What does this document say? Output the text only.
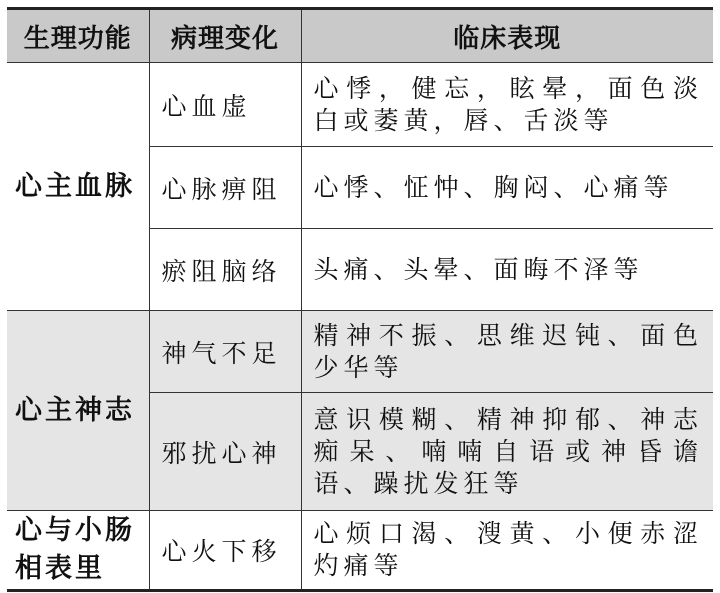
生理功能	病理变化	临床表现
心主血脉	心血虚	心悸，健忘，眩晕，面色淡白或萎黄，唇、舌淡等
	心脉痹阻	心悸、怔忡、胸闷、心痛等
	瘀阻脑络	头痛、头晕、面晦不泽等
心主神志	神气不足	精神不振、思维迟钝、面色少华等
	邪扰心神	意识模糊、精神抑郁、神志痴呆、喃喃自语或神昏谵语、躁扰发狂等
心与小肠相表里	心火下移	心烦口渴、溲黄、小便赤涩灼痛等
